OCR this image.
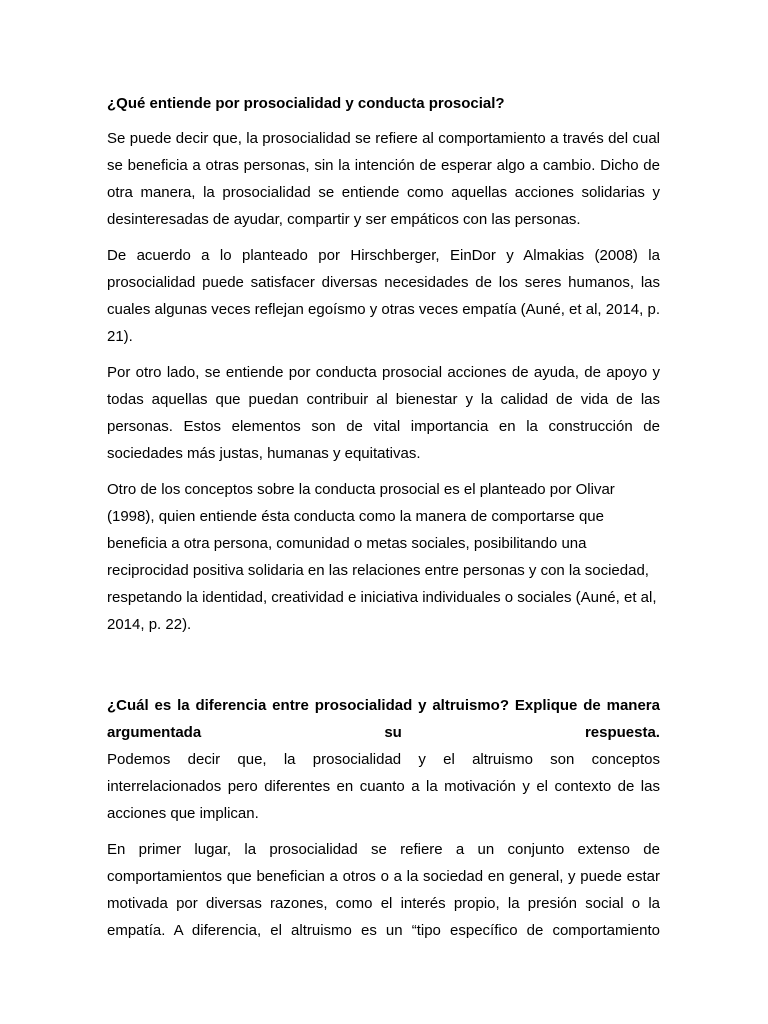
¿Qué entiende por prosocialidad y conducta prosocial?

Se puede decir que, la prosocialidad se refiere al comportamiento a través del cual se beneficia a otras personas, sin la intención de esperar algo a cambio. Dicho de otra manera, la prosocialidad se entiende como aquellas acciones solidarias y desinteresadas de ayudar, compartir y ser empáticos con las personas.

De acuerdo a lo planteado por Hirschberger, EinDor y Almakias (2008) la prosocialidad puede satisfacer diversas necesidades de los seres humanos, las cuales algunas veces reflejan egoísmo y otras veces empatía (Auné, et al, 2014, p. 21).

Por otro lado, se entiende por conducta prosocial acciones de ayuda, de apoyo y todas aquellas que puedan contribuir al bienestar y la calidad de vida de las personas. Estos elementos son de vital importancia en la construcción de sociedades más justas, humanas y equitativas.

Otro de los conceptos sobre la conducta prosocial es el planteado por Olivar
(1998), quien entiende ésta conducta como la manera de comportarse que
beneficia a otra persona, comunidad o metas sociales, posibilitando una
reciprocidad positiva solidaria en las relaciones entre personas y con la sociedad,
respetando la identidad, creatividad e iniciativa individuales o sociales (Auné, et al,
2014, p. 22).

¿Cuál es la diferencia entre prosocialidad y altruismo? Explique de manera

argumentada	su	respuesta.

Podemos decir que, la prosocialidad y el altruismo son conceptos interrelacionados pero diferentes en cuanto a la motivación y el contexto de las acciones que implican.

En primer lugar, la prosocialidad se refiere a un conjunto extenso de comportamientos que benefician a otros o a la sociedad en general, y puede estar motivada por diversas razones, como el interés propio, la presión social o la empatía. A diferencia, el altruismo es un “tipo específico de comportamiento
